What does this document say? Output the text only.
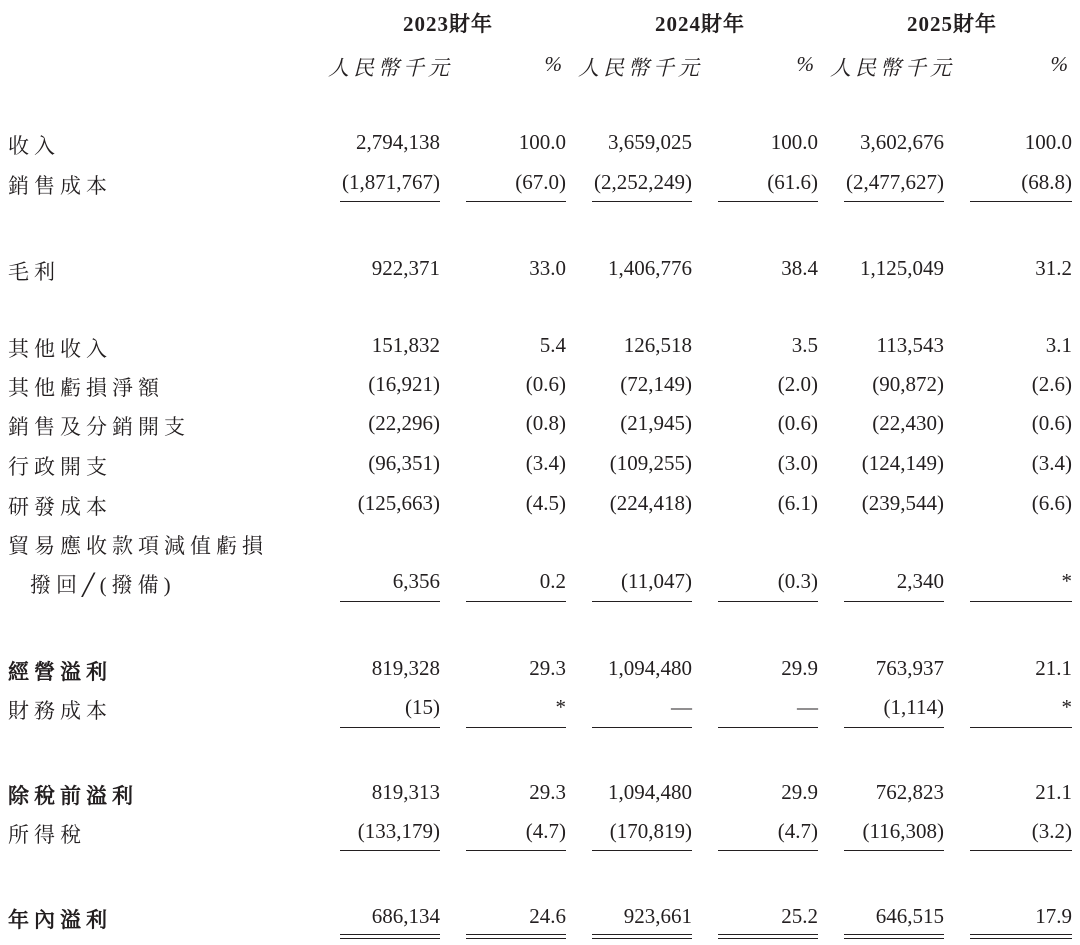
2023財年	2024財年	2025財年
人民幣千元	% 人民幣千元	% 人民幣千元	%
收入	2,794,138	100.0 3,659,025	100.0 3,602,676	100.0
銷售成本	(1,871,767)	(67.0) (2,252,249)	(61.6) (2,477,627)	(68.8)
毛利	922,371	33.0 1,406,776	38.4 1,125,049	31.2
其他收入	151,832	5.4	126,518	3.5	113,543	3.1
其他虧損淨額	(16,921)	(0.6)	(72,149)	(2.0)	(90,872)	(2.6)
銷售及分銷開支	(22,296)	(0.8)	(21,945)	(0.6)	(22,430)	(0.6)
行政開支	(96,351)	(3.4) (109,255)	(3.0) (124,149)	(3.4)
研發成本	(125,663)	(4.5) (224,418)	(6.1) (239,544)	(6.6)
貿易應收款項減值虧損
撥回╱(撥備)	6,356	0.2	(11,047)	(0.3)	2,340	*
經營溢利	819,328	29.3 1,094,480	29.9	763,937	21.1
財務成本	(15)	*	—	—	(1,114)	*
除稅前溢利	819,313	29.3 1,094,480	29.9	762,823	21.1
所得稅	(133,179)	(4.7) (170,819)	(4.7) (116,308)	(3.2)
年內溢利	686,134	24.6	923,661	25.2	646,515	17.9
